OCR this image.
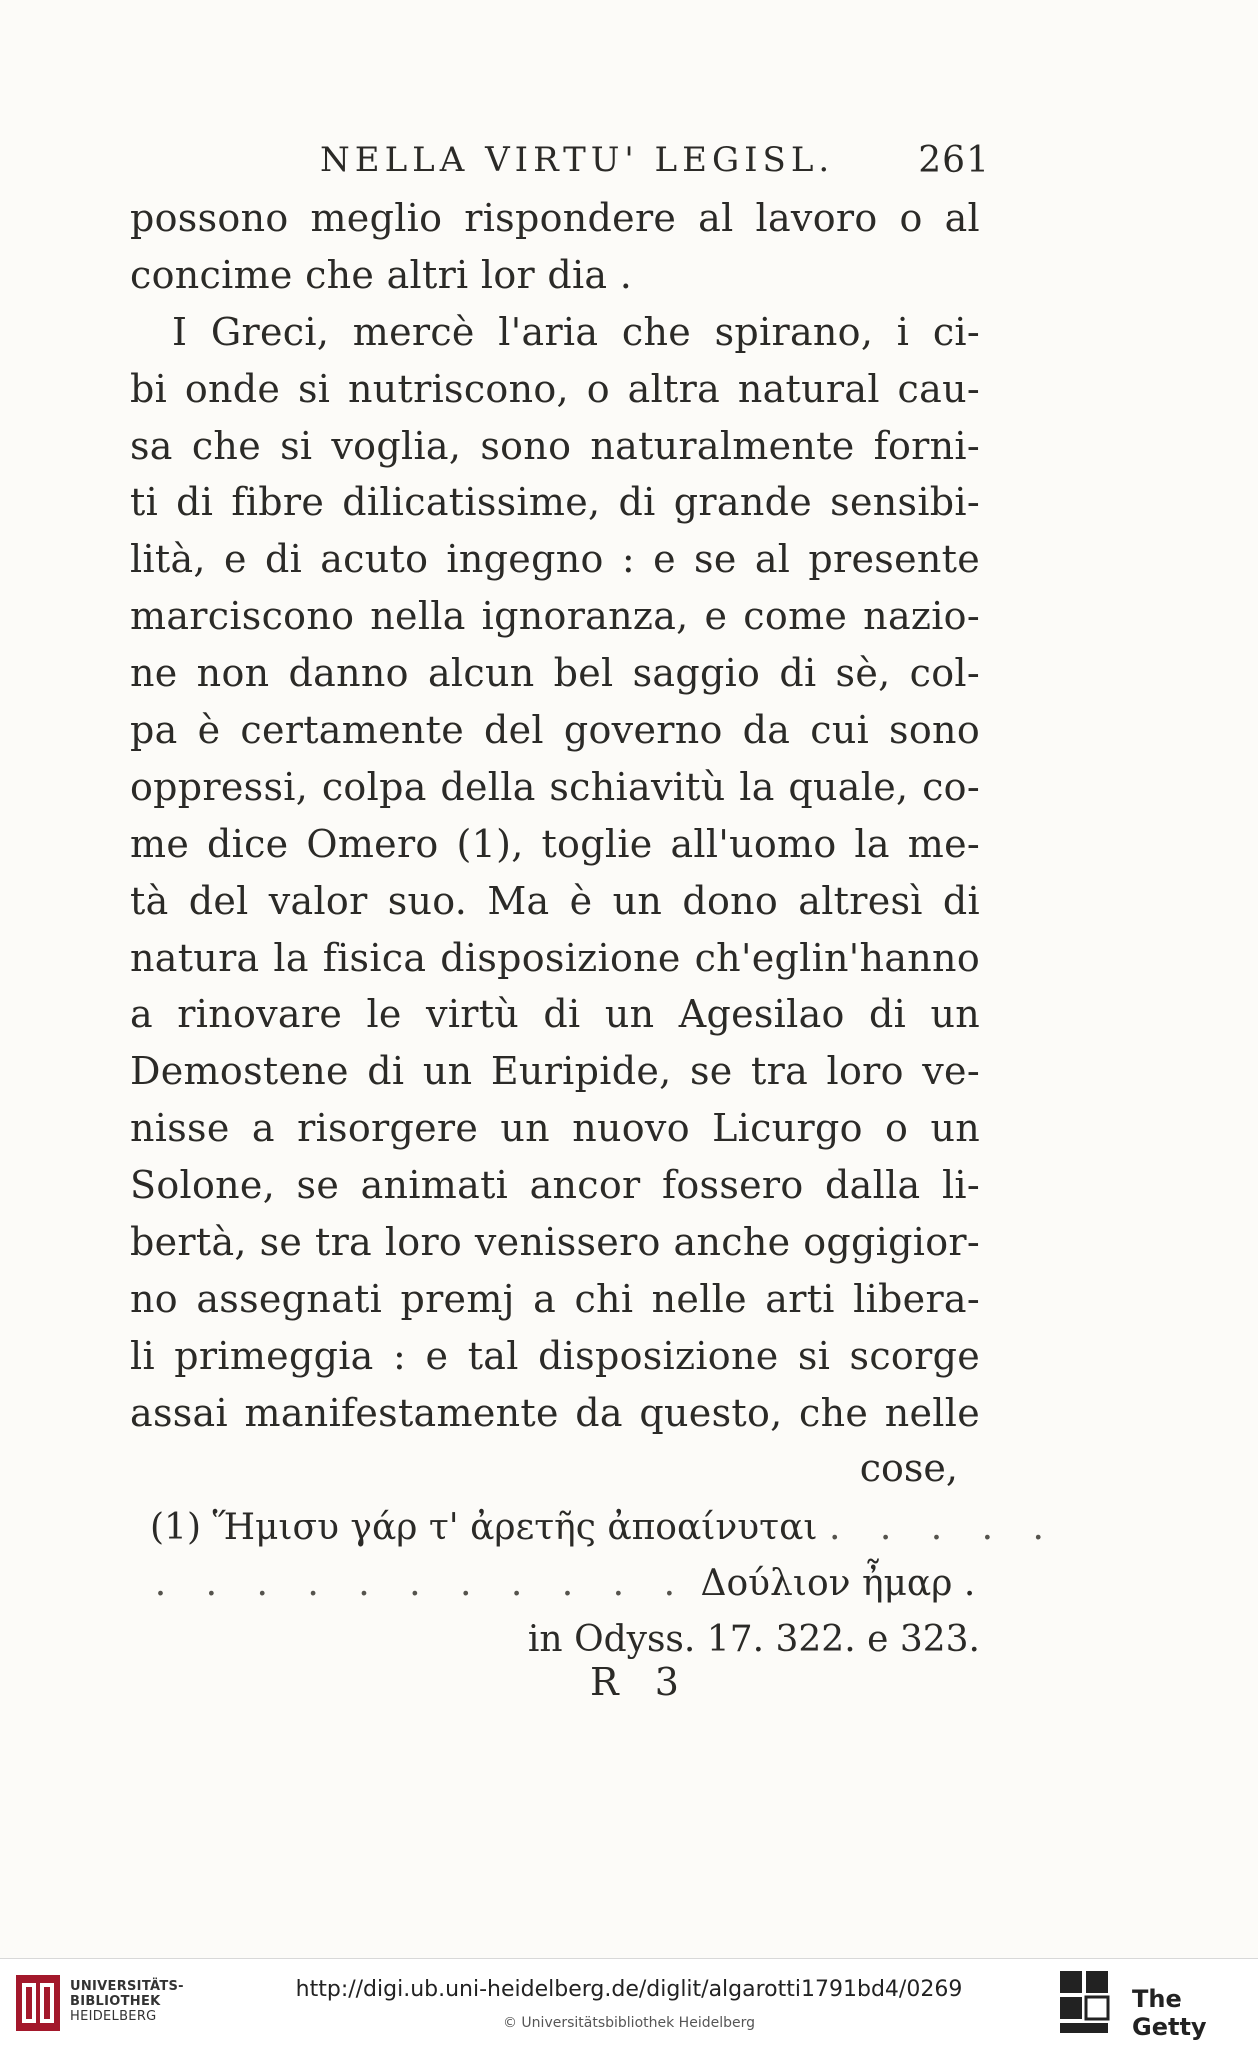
NELLA VIRTU' LEGISL. 261
possono meglio rispondere al lavoro o al
concime che altri lor dia .
I Greci, mercè l'aria che spirano, i ci-
bi onde si nutriscono, o altra natural cau-
sa che si voglia, sono naturalmente forni-
ti di fibre dilicatissime, di grande sensibi-
lità, e di acuto ingegno : e se al presente
marciscono nella ignoranza, e come nazio-
ne non danno alcun bel saggio di sè, col-
pa è certamente del governo da cui sono
oppressi, colpa della schiavitù la quale, co-
me dice Omero (1), toglie all'uomo la me-
tà del valor suo. Ma è un dono altresì di
natura la fisica disposizione ch'eglin'hanno
a rinovare le virtù di un Agesilao di un
Demostene di un Euripide, se tra loro ve-
nisse a risorgere un nuovo Licurgo o un
Solone, se animati ancor fossero dalla li-
bertà, se tra loro venissero anche oggigior-
no assegnati premj a chi nelle arti libera-
li primeggia : e tal disposizione si scorge
assai manifestamente da questo, che nelle
cose,
(1) Ἥμισυ γάρ τ' ἀρετῆς ἀποαίνυται . . . . .
. . . . . . . . . . . Δούλιον ἦμαρ .
in Odyss. 17. 322. e 323.
R 3
UNIVERSITÄTS-
BIBLIOTHEK
HEIDELBERG
http://digi.ub.uni-heidelberg.de/diglit/algarotti1791bd4/0269
© Universitätsbibliothek Heidelberg
The Getty
